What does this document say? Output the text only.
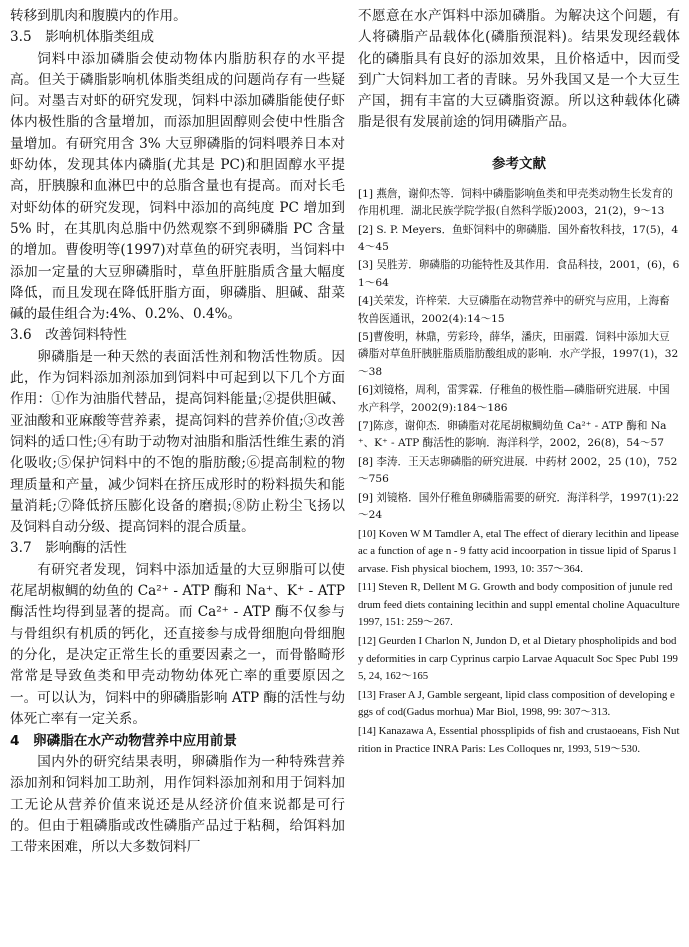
转移到肌肉和腹膜内的作用。

3.5　影响机体脂类组成

饲料中添加磷脂会使动物体内脂肪积存的水平提高。但关于磷脂影响机体脂类组成的问题尚存有一些疑问。对墨吉对虾的研究发现，饲料中添加磷脂能使仔虾体内极性脂的含量增加，而添加胆固醇则会使中性脂含量增加。有研究用含 3% 大豆卵磷脂的饲料喂养日本对虾幼体，发现其体内磷脂(尤其是 PC)和胆固醇水平提高，肝胰腺和血淋巴中的总脂含量也有提高。而对长毛对虾幼体的研究发现，饲料中添加的高纯度 PC 增加到 5% 时，在其肌肉总脂中仍然观察不到卵磷脂 PC 含量的增加。曹俊明等(1997)对草鱼的研究表明，当饲料中添加一定量的大豆卵磷脂时，草鱼肝脏脂质含量大幅度降低，而且发现在降低肝脂方面，卵磷脂、胆碱、甜菜碱的最佳组合为:4%、0.2%、0.4%。

3.6　改善饲料特性

卵磷脂是一种天然的表面活性剂和物活性物质。因此，作为饲料添加剂添加到饲料中可起到以下几个方面作用：①作为油脂代替品，提高饲料能量;②提供胆碱、亚油酸和亚麻酸等营养素，提高饲料的营养价值;③改善饲料的适口性;④有助于动物对油脂和脂活性维生素的消化吸收;⑤保护饲料中的不饱的脂肪酸;⑥提高制粒的物理质量和产量，减少饲料在挤压成形时的粉料损失和能量消耗;⑦降低挤压膨化设备的磨损;⑧防止粉尘飞扬以及饲料自动分级、提高饲料的混合质量。

3.7　影响酶的活性

有研究者发现，饲料中添加适量的大豆卵脂可以使花尾胡椒鲷的幼鱼的 Ca²⁺ - ATP 酶和 Na⁺、K⁺ - ATP 酶活性均得到显著的提高。而 Ca²⁺ - ATP 酶不仅参与与骨组织有机质的钙化，还直接参与成骨细胞向骨细胞的分化，是决定正常生长的重要因素之一，而骨骼畸形常常是导致鱼类和甲壳动物幼体死亡率的重要原因之一。可以认为，饲料中的卵磷脂影响 ATP 酶的活性与幼体死亡率有一定关系。

4　卵磷脂在水产动物营养中应用前景

国内外的研究结果表明，卵磷脂作为一种特殊营养添加剂和饲料加工助剂，用作饲料添加剂和用于饲料加工无论从营养价值来说还是从经济价值来说都是可行的。但由于粗磷脂或改性磷脂产品过于粘稠，给饵料加工带来困难，所以大多数饲料厂

不愿意在水产饵料中添加磷脂。为解决这个问题，有人将磷脂产品载体化(磷脂预混料)。结果发现经载体化的磷脂具有良好的添加效果，且价格适中，因而受到广大饲料加工者的青睐。另外我国又是一个大豆生产国，拥有丰富的大豆磷脂资源。所以这种载体化磷脂是很有发展前途的饲用磷脂产品。

参考文献

[1] 燕詹，谢仰杰等．饲料中磷脂影响鱼类和甲壳类动物生长发育的作用机理．湖北民族学院学报(自然科学版)2003，21(2)，9～13

[2] S. P. Meyers．鱼虾饲料中的卵磷脂．国外畜牧科技，17(5)，44～45

[3] 吴胜芳．卵磷脂的功能特性及其作用．食品科技，2001，(6)，61～64

[4]关荣发，许梓荣．大豆磷脂在动物营养中的研究与应用，上海畜牧兽医通讯，2002(4):14～15

[5]曹俊明，林鼎，劳彩玲，薛华，潘庆，田丽霞．饲料中添加大豆磷脂对草鱼肝胰脏脂质脂肪酸组成的影响．水产学报，1997(1)，32～38

[6]刘镜格，周利，雷霁霖．仔稚鱼的极性脂—磷脂研究进展．中国水产科学，2002(9):184～186

[7]陈彦，谢仰杰．卵磷脂对花尾胡椒鲷幼鱼 Ca²⁺ - ATP 酶和 Na⁺、K⁺ - ATP 酶活性的影响．海洋科学，2002，26(8)，54～57

[8] 李涛．王天志卵磷脂的研究进展．中药材 2002，25 (10)，752～756

[9] 刘镜格．国外仔稚鱼卵磷脂需要的研究．海洋科学，1997(1):22～24

[10] Koven W M Tamdler A, etal The effect of dierary lecithin and lipease ac a function of age n - 9 fatty acid incoorpation in tissue lipid of Sparus larvase. Fish physical biochem, 1993, 10: 357～364.

[11] Steven R, Dellent M G. Growth and body composition of junule red drum feed diets containing lecithin and suppl emental choline Aquaculture 1997, 151: 259～267.

[12] Geurden I Charlon N, Jundon D, et al Dietary phospholipids and body deformities in carp Cyprinus carpio Larvae Aquacult Soc Spec Publ 1995, 24, 162～165

[13] Fraser A J, Gamble sergeant, lipid class composition of developing eggs of cod(Gadus morhua) Mar Biol, 1998, 99: 307～313.

[14] Kanazawa A, Essential phossplipids of fish and crustaoeans, Fish Nutrition in Practice INRA Paris: Les Colloques nr, 1993, 519～530.
